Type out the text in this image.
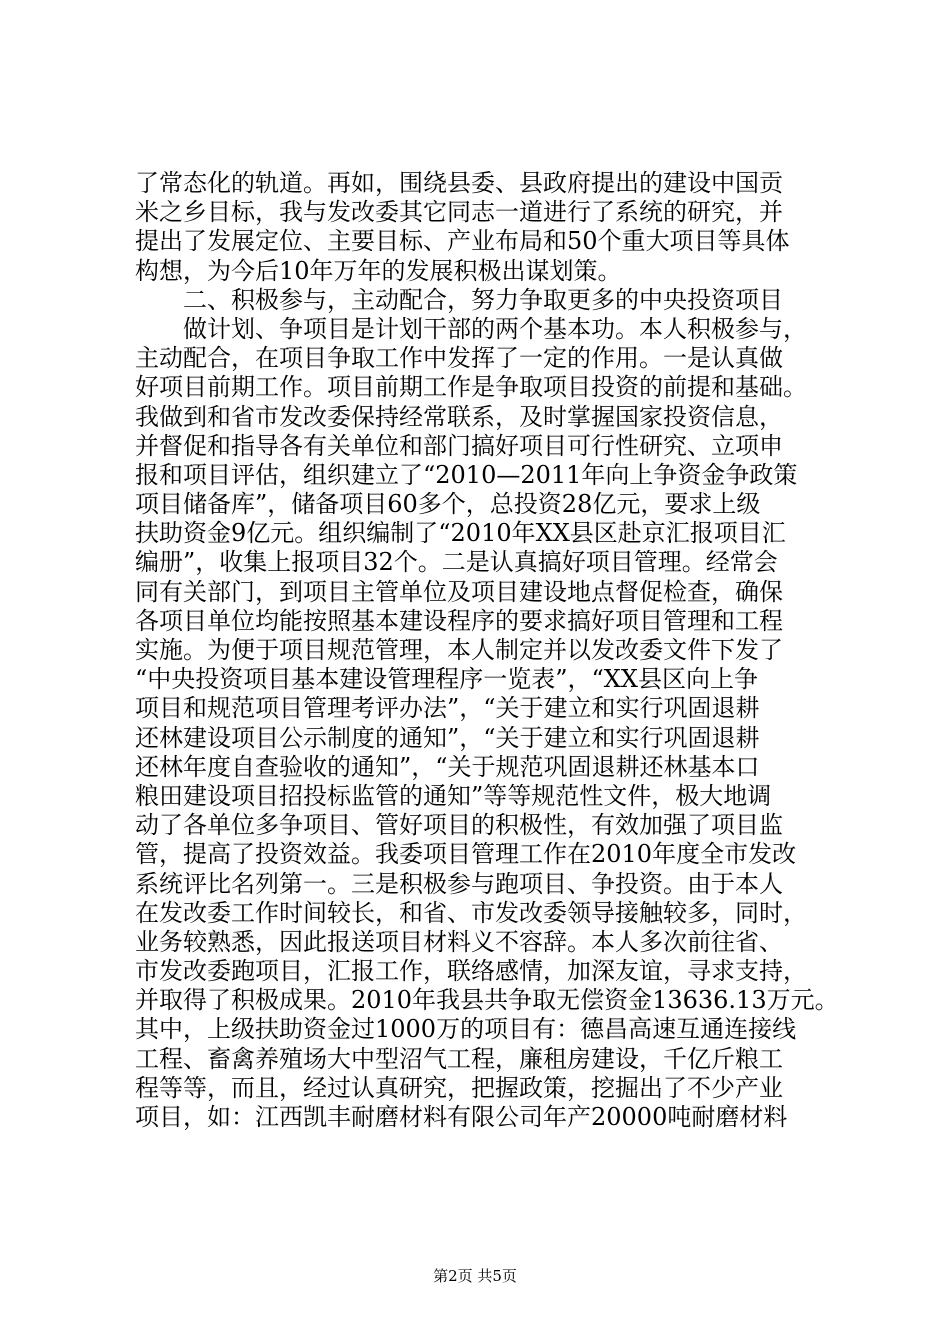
了常态化的轨道。再如，围绕县委、县政府提出的建设中国贡
米之乡目标，我与发改委其它同志一道进行了系统的研究，并
提出了发展定位、主要目标、产业布局和50个重大项目等具体
构想，为今后10年万年的发展积极出谋划策。
　　二、积极参与，主动配合，努力争取更多的中央投资项目
　　做计划、争项目是计划干部的两个基本功。本人积极参与，
主动配合，在项目争取工作中发挥了一定的作用。一是认真做
好项目前期工作。项目前期工作是争取项目投资的前提和基础。
我做到和省市发改委保持经常联系，及时掌握国家投资信息，
并督促和指导各有关单位和部门搞好项目可行性研究、立项申
报和项目评估，组织建立了“2010—2011年向上争资金争政策
项目储备库”，储备项目60多个，总投资28亿元，要求上级
扶助资金9亿元。组织编制了“2010年XX县区赴京汇报项目汇
编册”，收集上报项目32个。二是认真搞好项目管理。经常会
同有关部门，到项目主管单位及项目建设地点督促检查，确保
各项目单位均能按照基本建设程序的要求搞好项目管理和工程
实施。为便于项目规范管理，本人制定并以发改委文件下发了
“中央投资项目基本建设管理程序一览表”，“XX县区向上争
项目和规范项目管理考评办法”，“关于建立和实行巩固退耕
还林建设项目公示制度的通知”，“关于建立和实行巩固退耕
还林年度自查验收的通知”，“关于规范巩固退耕还林基本口
粮田建设项目招投标监管的通知”等等规范性文件，极大地调
动了各单位多争项目、管好项目的积极性，有效加强了项目监
管，提高了投资效益。我委项目管理工作在2010年度全市发改
系统评比名列第一。三是积极参与跑项目、争投资。由于本人
在发改委工作时间较长，和省、市发改委领导接触较多，同时，
业务较熟悉，因此报送项目材料义不容辞。本人多次前往省、
市发改委跑项目，汇报工作，联络感情，加深友谊，寻求支持，
并取得了积极成果。2010年我县共争取无偿资金13636.13万元。
其中，上级扶助资金过1000万的项目有：德昌高速互通连接线
工程、畜禽养殖场大中型沼气工程，廉租房建设，千亿斤粮工
程等等，而且，经过认真研究，把握政策，挖掘出了不少产业
项目，如：江西凯丰耐磨材料有限公司年产20000吨耐磨材料
第2页 共5页
